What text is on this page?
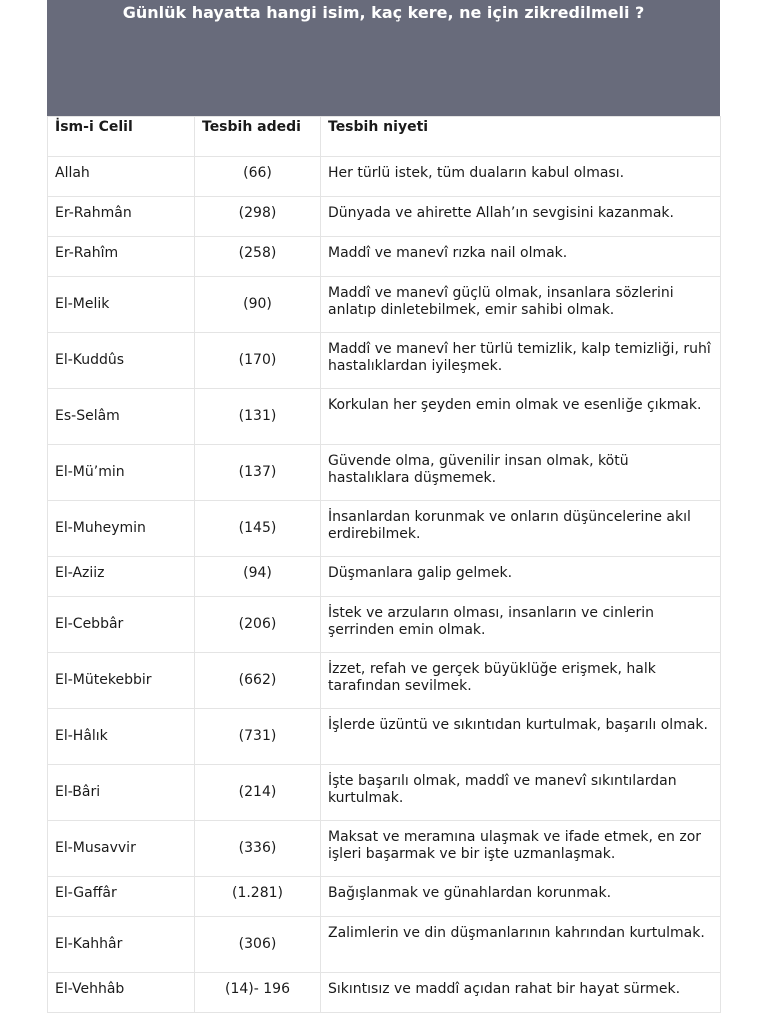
Günlük hayatta hangi isim, kaç kere, ne için zikredilmeli ?
İsm-i Celil	Tesbih adedi	Tesbih niyeti
Allah	(66)	Her türlü istek, tüm duaların kabul olması.
Er-Rahmân	(298)	Dünyada ve ahirette Allah’ın sevgisini kazanmak.
Er-Rahîm	(258)	Maddî ve manevî rızka nail olmak.
El-Melik	(90)	Maddî ve manevî güçlü olmak, insanlara sözlerini anlatıp dinletebilmek, emir sahibi olmak.
El-Kuddûs	(170)	Maddî ve manevî her türlü temizlik, kalp temizliği, ruhî hastalıklardan iyileşmek.
Es-Selâm	(131)	Korkulan her şeyden emin olmak ve esenliğe çıkmak.
El-Mü’min	(137)	Güvende olma, güvenilir insan olmak, kötü hastalıklara düşmemek.
El-Muheymin	(145)	İnsanlardan korunmak ve onların düşüncelerine akıl erdirebilmek.
El-Aziiz	(94)	Düşmanlara galip gelmek.
El-Cebbâr	(206)	İstek ve arzuların olması, insanların ve cinlerin şerrinden emin olmak.
El-Mütekebbir	(662)	İzzet, refah ve gerçek büyüklüğe erişmek, halk tarafından sevilmek.
El-Hâlık	(731)	İşlerde üzüntü ve sıkıntıdan kurtulmak, başarılı olmak.
El-Bâri	(214)	İşte başarılı olmak, maddî ve manevî sıkıntılardan kurtulmak.
El-Musavvir	(336)	Maksat ve meramına ulaşmak ve ifade etmek, en zor işleri başarmak ve bir işte uzmanlaşmak.
El-Gaffâr	(1.281)	Bağışlanmak ve günahlardan korunmak.
El-Kahhâr	(306)	Zalimlerin ve din düşmanlarının kahrından kurtulmak.
El-Vehhâb	(14)- 196	Sıkıntısız ve maddî açıdan rahat bir hayat sürmek.
